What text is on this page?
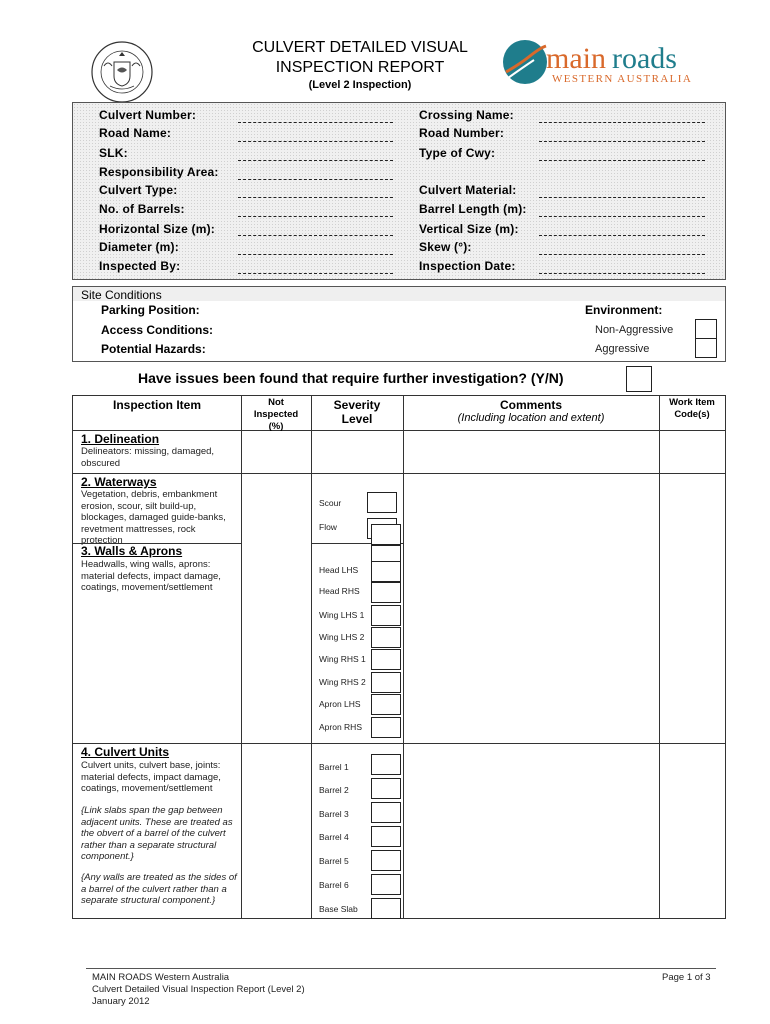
CULVERT DETAILED VISUAL
INSPECTION REPORT
(Level 2 Inspection)
main roads
WESTERN AUSTRALIA
Culvert Number:
Road Name:
SLK:
Responsibility Area:
Culvert Type:
No. of Barrels:
Horizontal Size (m):
Diameter (m):
Inspected By:
Crossing Name:
Road Number:
Type of Cwy:
Culvert Material:
Barrel Length (m):
Vertical Size (m):
Skew (°):
Inspection Date:
Site Conditions
Parking Position:
Access Conditions:
Potential Hazards:
Environment:
Non-Aggressive
Aggressive
Have issues been found that require further investigation? (Y/N)
Inspection Item	Not
Inspected
(%)
Severity
Level
Comments
(Including location and extent)
Work Item
Code(s)
1. Delineation
Delineators: missing, damaged, obscured
2. Waterways
Vegetation, debris, embankment erosion, scour, silt build-up, blockages, damaged guide-banks, revetment mattresses, rock protection
Scour
Flow
3. Walls & Aprons
Headwalls, wing walls, aprons: material defects, impact damage, coatings, movement/settlement
Head LHS
Head RHS
Wing LHS 1
Wing LHS 2
Wing RHS 1
Wing RHS 2
Apron LHS
Apron RHS
4. Culvert Units
Culvert units, culvert base, joints: material defects, impact damage, coatings, movement/settlement
{Link slabs span the gap between adjacent units. These are treated as the obvert of a barrel of the culvert rather than a separate structural component.}
{Any walls are treated as the sides of a barrel of the culvert rather than a separate structural component.}
Barrel 1
Barrel 2
Barrel 3
Barrel 4
Barrel 5
Barrel 6
Base Slab
MAIN ROADS Western Australia
Culvert Detailed Visual Inspection Report (Level 2)
January 2012
Page 1 of 3
